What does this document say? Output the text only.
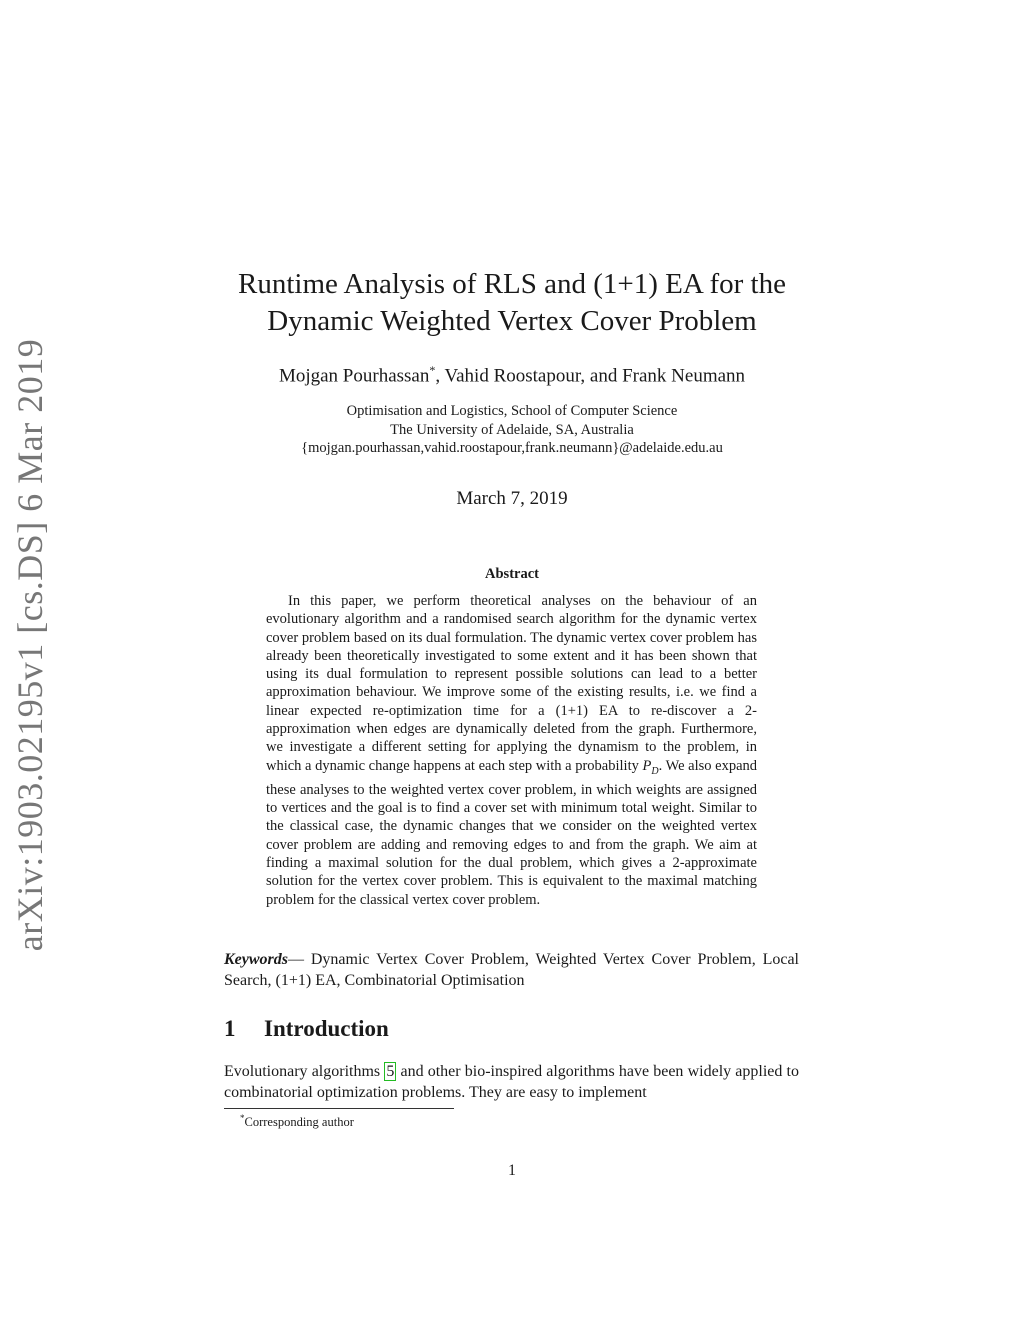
arXiv:1903.02195v1 [cs.DS] 6 Mar 2019
Runtime Analysis of RLS and (1+1) EA for the
Dynamic Weighted Vertex Cover Problem
Mojgan Pourhassan*, Vahid Roostapour, and Frank Neumann
Optimisation and Logistics, School of Computer Science
The University of Adelaide, SA, Australia
{mojgan.pourhassan,vahid.roostapour,frank.neumann}@adelaide.edu.au
March 7, 2019
Abstract
In this paper, we perform theoretical analyses on the behaviour of an evolutionary algorithm and a randomised search algorithm for the dynamic vertex cover problem based on its dual formulation. The dynamic vertex cover problem has already been theoretically investigated to some extent and it has been shown that using its dual formulation to represent possible solutions can lead to a better approximation behaviour. We improve some of the existing results, i.e. we find a linear expected re-optimization time for a (1+1) EA to re-discover a 2-approximation when edges are dynamically deleted from the graph. Furthermore, we investigate a different setting for applying the dynamism to the problem, in which a dynamic change happens at each step with a probability $P_D$. We also expand these analyses to the weighted vertex cover problem, in which weights are assigned to vertices and the goal is to find a cover set with minimum total weight. Similar to the classical case, the dynamic changes that we consider on the weighted vertex cover problem are adding and removing edges to and from the graph. We aim at finding a maximal solution for the dual problem, which gives a 2-approximate solution for the vertex cover problem. This is equivalent to the maximal matching problem for the classical vertex cover problem.
Keywords— Dynamic Vertex Cover Problem, Weighted Vertex Cover Problem, Local Search, (1+1) EA, Combinatorial Optimisation
1 Introduction
Evolutionary algorithms 5 and other bio-inspired algorithms have been widely applied to combinatorial optimization problems. They are easy to implement
*Corresponding author
1
